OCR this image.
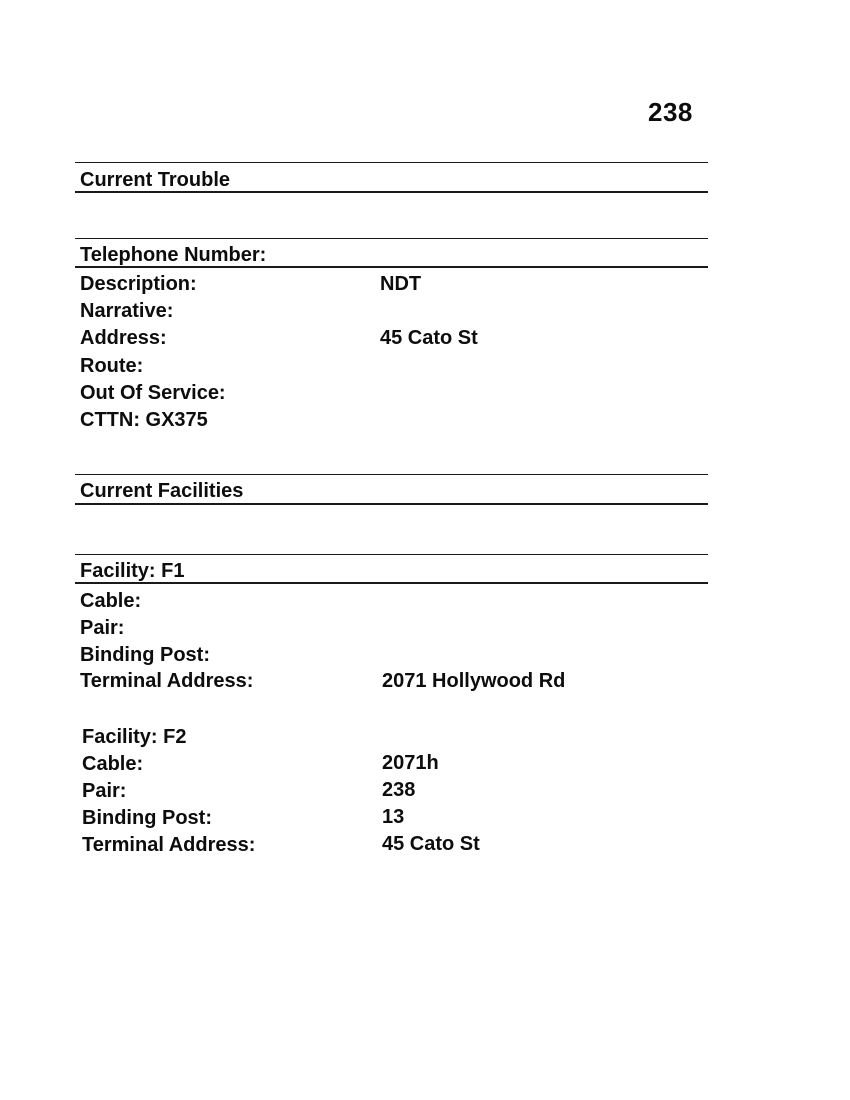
238
Current Trouble
Telephone Number:
Description:	NDT
Narrative:
Address:	45 Cato St
Route:
Out Of Service:
CTTN: GX375
Current Facilities
Facility: F1
Cable:
Pair:
Binding Post:
Terminal Address:	2071 Hollywood Rd
Facility: F2
Cable:	2071h
Pair:	238
Binding Post:	13
Terminal Address:	45 Cato St
